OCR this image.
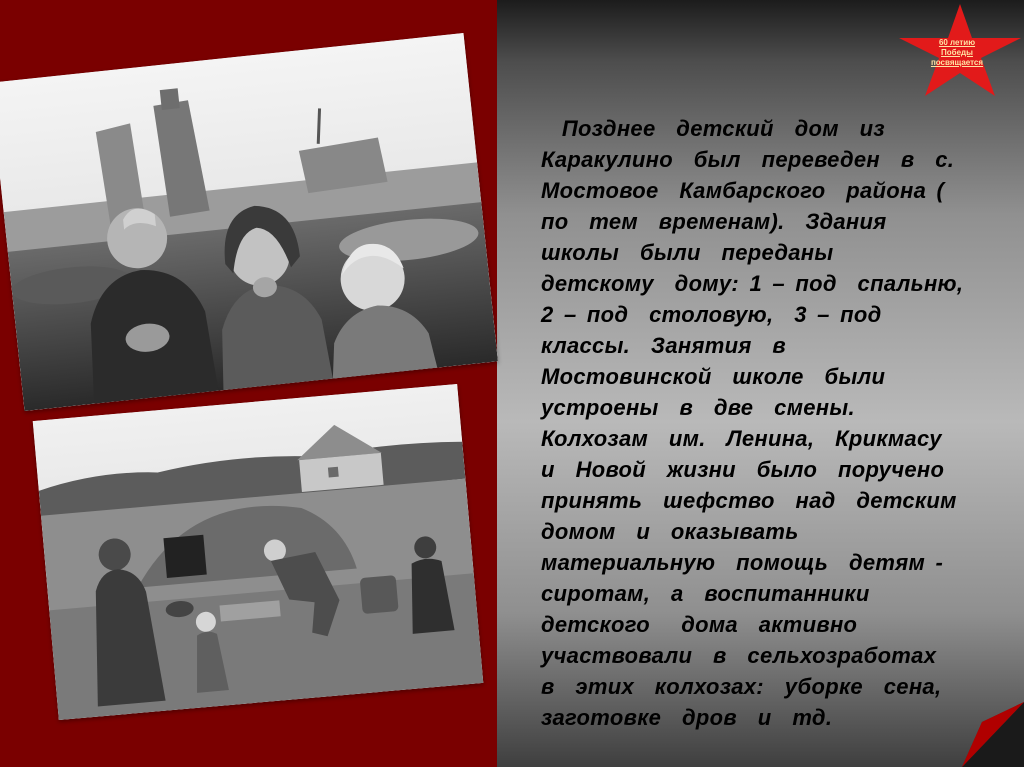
60 летию
Победы
посвящается
Позднее  детский  дом  из
Каракулино  был  переведен  в  с.
Мостовое  Камбарского  района (
по  тем  временам).  Здания
школы  были  переданы
детскому  дому: 1 – под  спальню,
2 – под  столовую,  3 – под
классы.  Занятия  в
Мостовинской  школе  были
устроены  в  две  смены.
Колхозам  им.  Ленина,  Крикмасу
и  Новой  жизни  было  поручено
принять  шефство  над  детским
домом  и  оказывать
материальную  помощь  детям -
сиротам,  а  воспитанники
детского   дома  активно
участвовали  в  сельхозработах
в  этих  колхозах:  уборке  сена,
заготовке  дров  и  тд.
